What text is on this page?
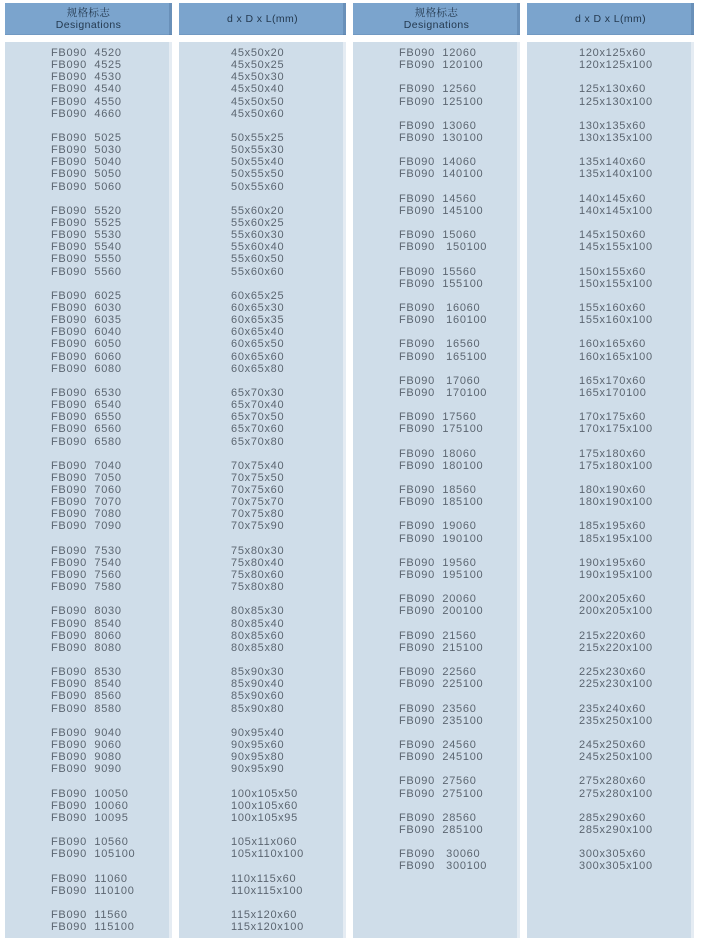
规格标志
Designations
FB090  4520
FB090  4525
FB090  4530
FB090  4540
FB090  4550
FB090  4660
FB090  5025
FB090  5030
FB090  5040
FB090  5050
FB090  5060
FB090  5520
FB090  5525
FB090  5530
FB090  5540
FB090  5550
FB090  5560
FB090  6025
FB090  6030
FB090  6035
FB090  6040
FB090  6050
FB090  6060
FB090  6080
FB090  6530
FB090  6540
FB090  6550
FB090  6560
FB090  6580
FB090  7040
FB090  7050
FB090  7060
FB090  7070
FB090  7080
FB090  7090
FB090  7530
FB090  7540
FB090  7560
FB090  7580
FB090  8030
FB090  8540
FB090  8060
FB090  8080
FB090  8530
FB090  8540
FB090  8560
FB090  8580
FB090  9040
FB090  9060
FB090  9080
FB090  9090
FB090  10050
FB090  10060
FB090  10095
FB090  10560
FB090  105100
FB090  11060
FB090  110100
FB090  11560
FB090  115100
d x D x L(mm)
45x50x20
45x50x25
45x50x30
45x50x40
45x50x50
45x50x60
50x55x25
50x55x30
50x55x40
50x55x50
50x55x60
55x60x20
55x60x25
55x60x30
55x60x40
55x60x50
55x60x60
60x65x25
60x65x30
60x65x35
60x65x40
60x65x50
60x65x60
60x65x80
65x70x30
65x70x40
65x70x50
65x70x60
65x70x80
70x75x40
70x75x50
70x75x60
70x75x70
70x75x80
70x75x90
75x80x30
75x80x40
75x80x60
75x80x80
80x85x30
80x85x40
80x85x60
80x85x80
85x90x30
85x90x40
85x90x60
85x90x80
90x95x40
90x95x60
90x95x80
90x95x90
100x105x50
100x105x60
100x105x95
105x11x060
105x110x100
110x115x60
110x115x100
115x120x60
115x120x100
规格标志
Designations
FB090  12060
FB090  120100
FB090  12560
FB090  125100
FB090  13060
FB090  130100
FB090  14060
FB090  140100
FB090  14560
FB090  145100
FB090  15060
FB090   150100
FB090  15560
FB090  155100
FB090   16060
FB090   160100
FB090   16560
FB090   165100
FB090   17060
FB090   170100
FB090  17560
FB090  175100
FB090  18060
FB090  180100
FB090  18560
FB090  185100
FB090  19060
FB090  190100
FB090  19560
FB090  195100
FB090  20060
FB090  200100
FB090  21560
FB090  215100
FB090  22560
FB090  225100
FB090  23560
FB090  235100
FB090  24560
FB090  245100
FB090  27560
FB090  275100
FB090  28560
FB090  285100
FB090   30060
FB090   300100
d x D x L(mm)
120x125x60
120x125x100
125x130x60
125x130x100
130x135x60
130x135x100
135x140x60
135x140x100
140x145x60
140x145x100
145x150x60
145x155x100
150x155x60
150x155x100
155x160x60
155x160x100
160x165x60
160x165x100
165x170x60
165x170100
170x175x60
170x175x100
175x180x60
175x180x100
180x190x60
180x190x100
185x195x60
185x195x100
190x195x60
190x195x100
200x205x60
200x205x100
215x220x60
215x220x100
225x230x60
225x230x100
235x240x60
235x250x100
245x250x60
245x250x100
275x280x60
275x280x100
285x290x60
285x290x100
300x305x60
300x305x100
